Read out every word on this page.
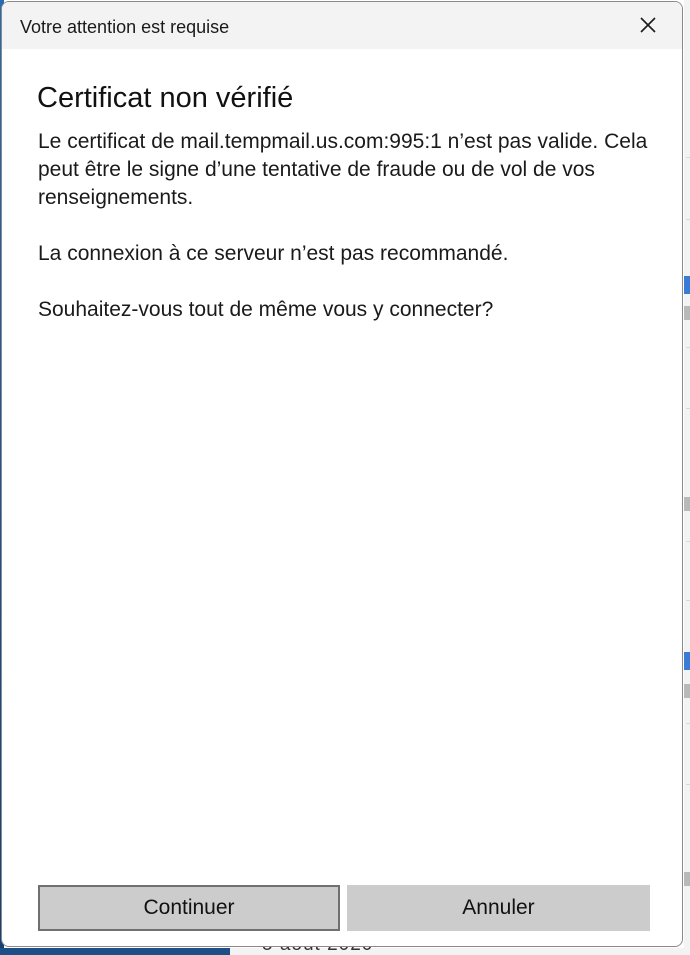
Votre attention est requise
Certificat non vérifié

Le certificat de mail.tempmail.us.com:995:1 n’est pas valide. Cela peut être le signe d’une tentative de fraude ou de vol de vos renseignements.

La connexion à ce serveur n’est pas recommandé.

Souhaitez-vous tout de même vous y connecter?

Continuer	Annuler
